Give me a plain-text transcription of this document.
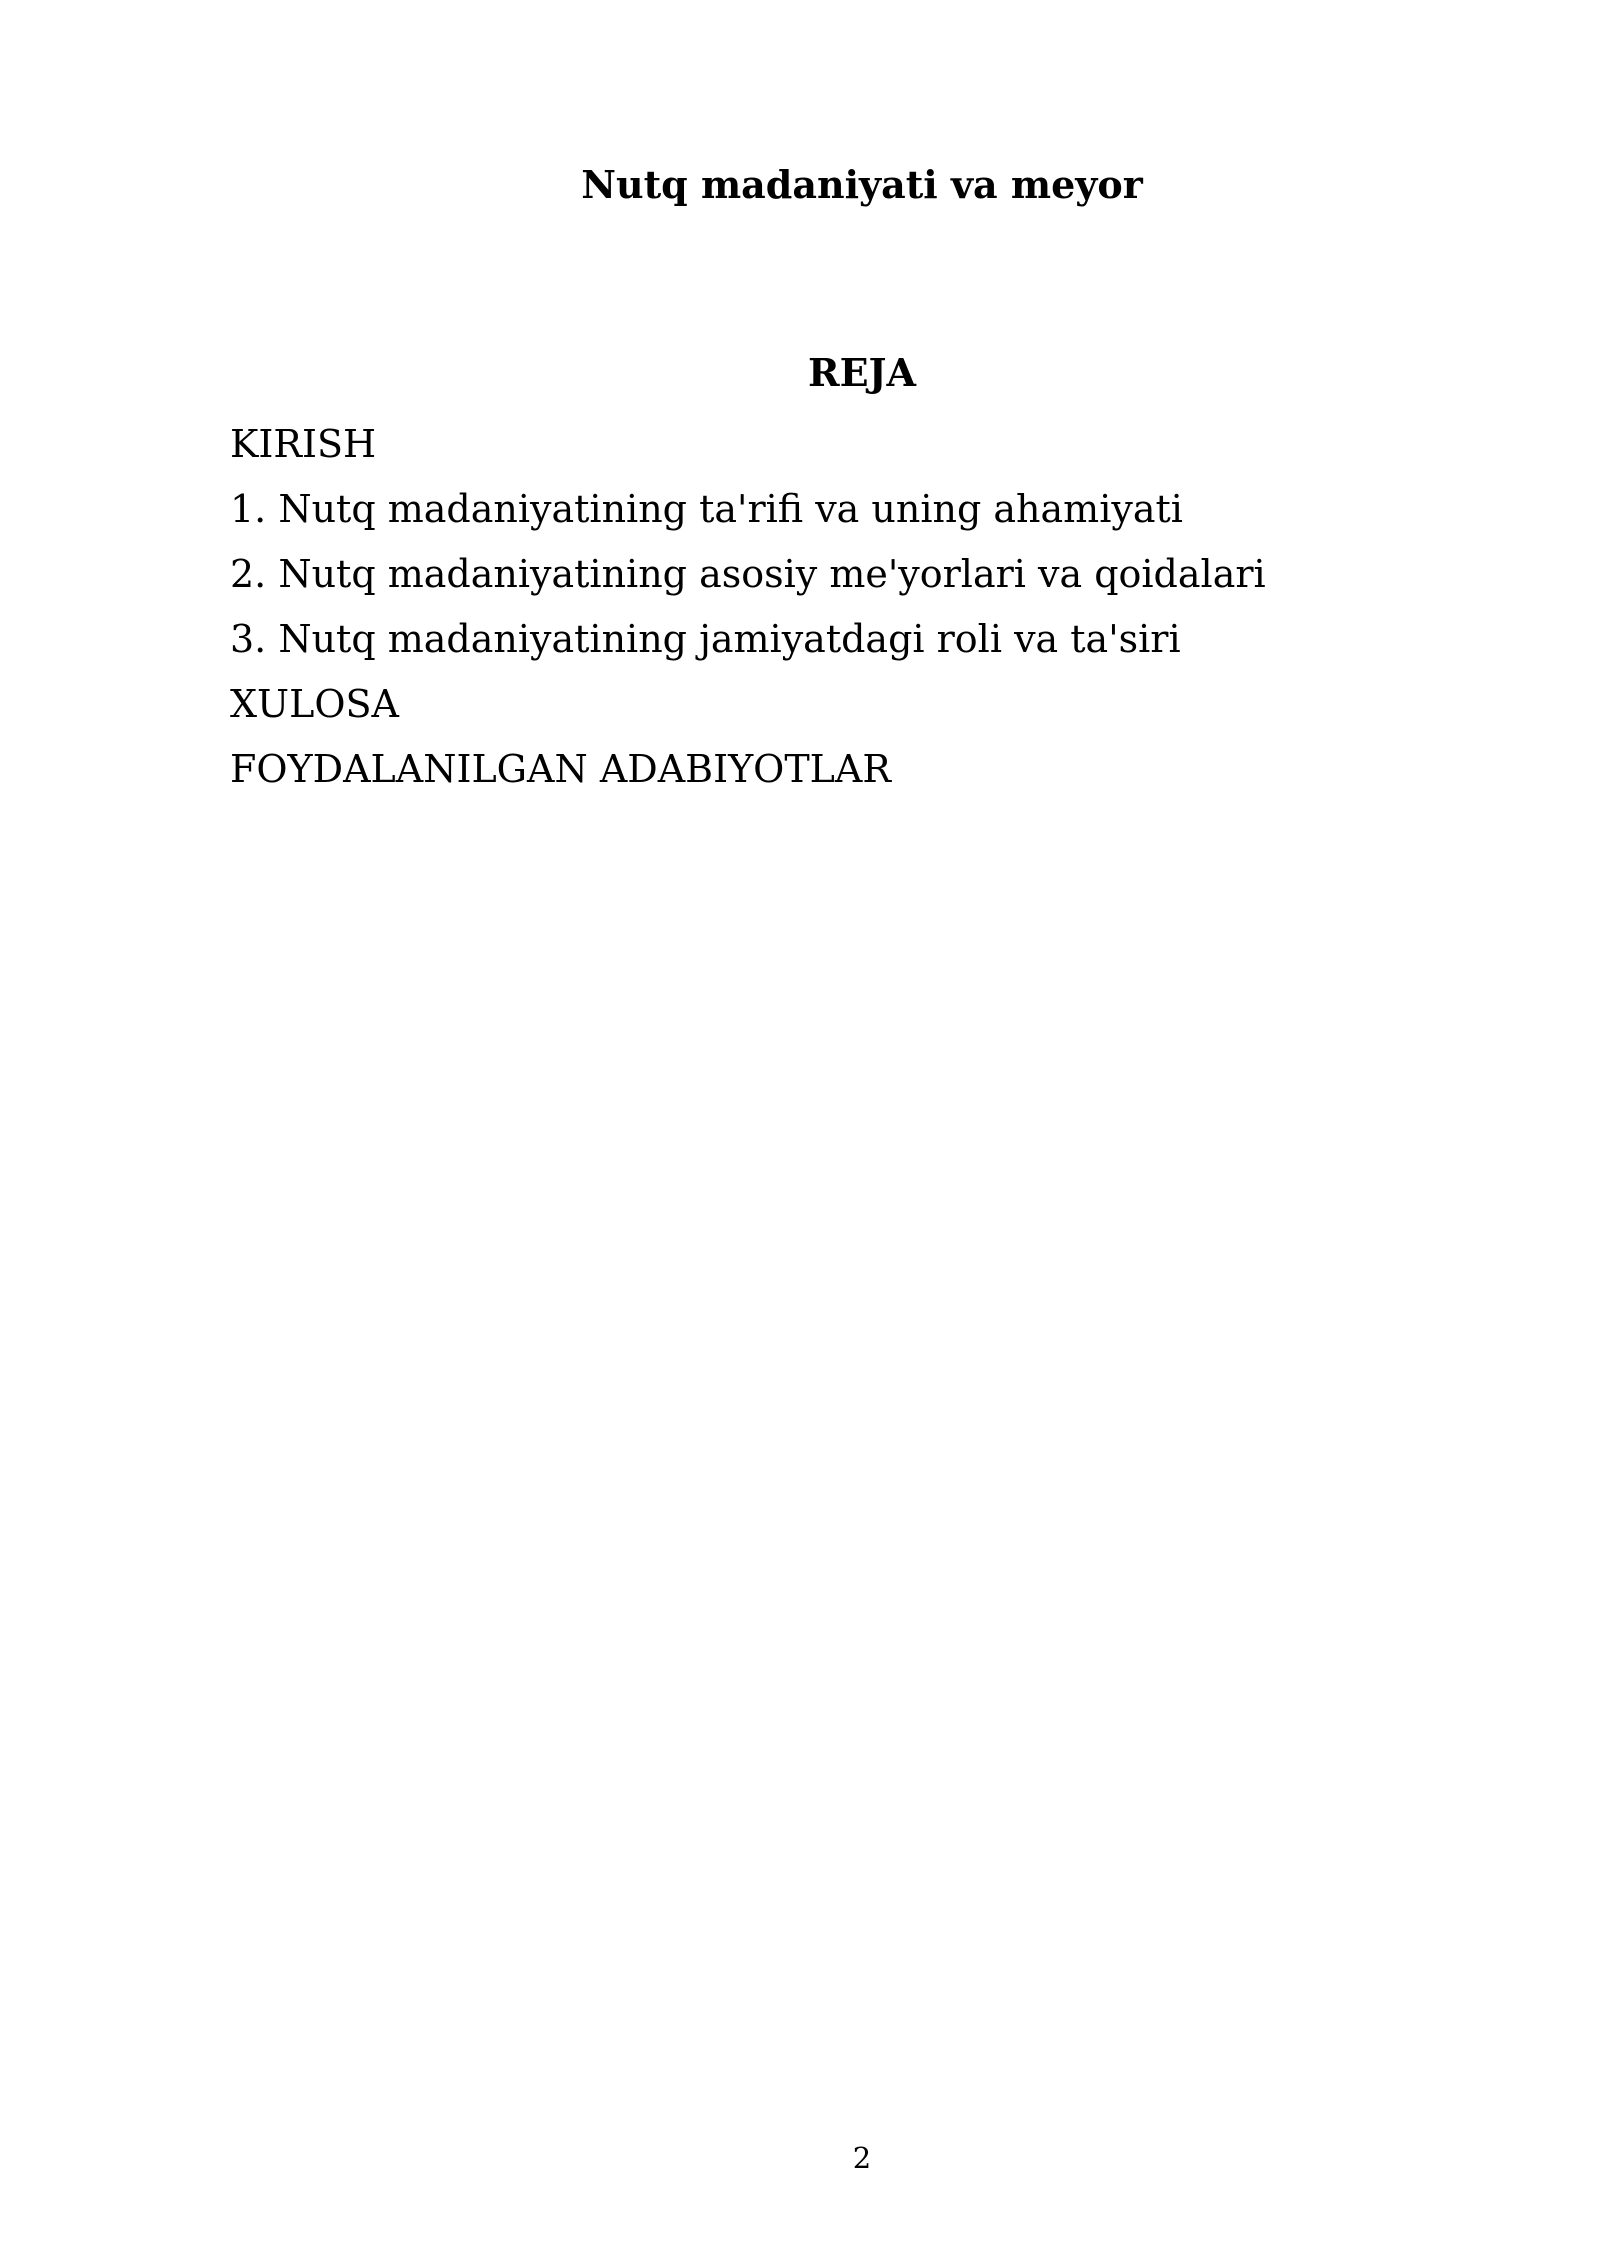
Nutq madaniyati va meyor
REJA
KIRISH
1. Nutq madaniyatining ta'rifi va uning ahamiyati
2. Nutq madaniyatining asosiy me'yorlari va qoidalari
3. Nutq madaniyatining jamiyatdagi roli va ta'siri
XULOSA
FOYDALANILGAN ADABIYOTLAR
2
